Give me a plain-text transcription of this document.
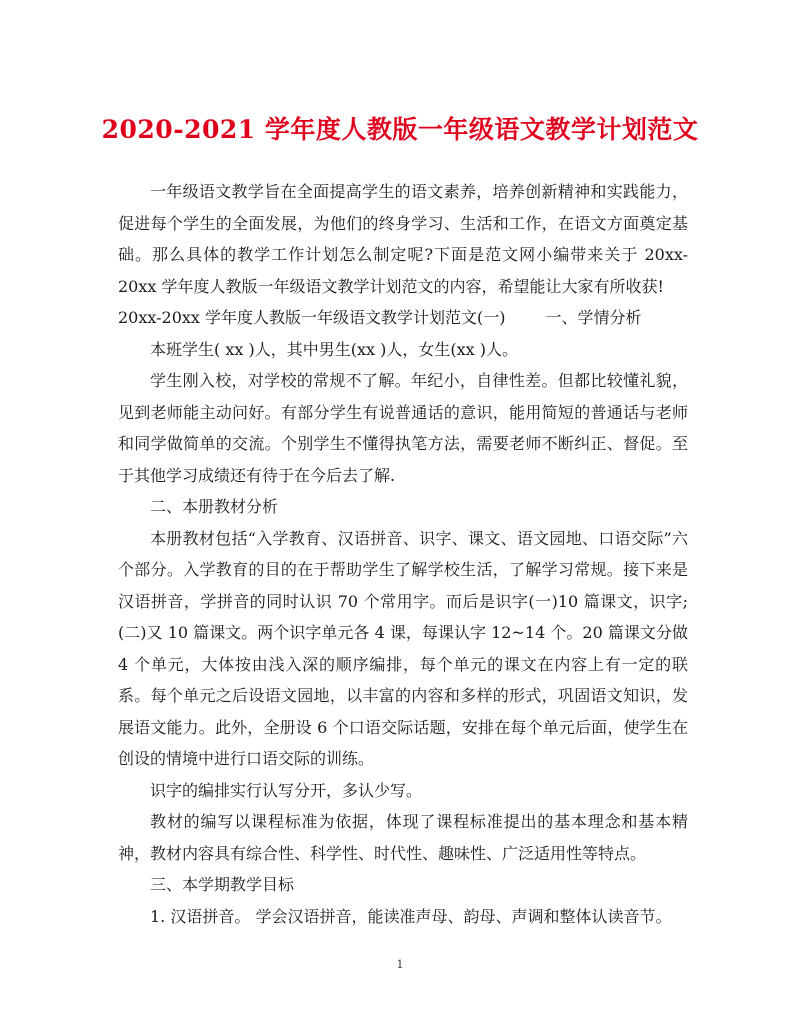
2020-2021 学年度人教版一年级语文教学计划范文

一年级语文教学旨在全面提高学生的语文素养，培养创新精神和实践能力，促进每个学生的全面发展，为他们的终身学习、生活和工作，在语文方面奠定基础。那么具体的教学工作计划怎么制定呢?下面是范文网小编带来关于 20xx-20xx 学年度人教版一年级语文教学计划范文的内容，希望能让大家有所收获!

20xx-20xx 学年度人教版一年级语文教学计划范文(一)	一、学情分析

本班学生( xx )人，其中男生(xx )人，女生(xx )人。

学生刚入校，对学校的常规不了解。年纪小，自律性差。但都比较懂礼貌，见到老师能主动问好。有部分学生有说普通话的意识，能用简短的普通话与老师和同学做简单的交流。个别学生不懂得执笔方法，需要老师不断纠正、督促。至于其他学习成绩还有待于在今后去了解.

二、本册教材分析

本册教材包括“入学教育、汉语拼音、识字、课文、语文园地、口语交际”六个部分。入学教育的目的在于帮助学生了解学校生活，了解学习常规。接下来是汉语拼音，学拼音的同时认识 70 个常用字。而后是识字(一)10 篇课文，识字;(二)又 10 篇课文。两个识字单元各 4 课，每课认字 12~14 个。20 篇课文分做 4 个单元，大体按由浅入深的顺序编排，每个单元的课文在内容上有一定的联系。每个单元之后设语文园地，以丰富的内容和多样的形式，巩固语文知识，发展语文能力。此外，全册设 6 个口语交际话题，安排在每个单元后面，使学生在创设的情境中进行口语交际的训练。

识字的编排实行认写分开，多认少写。

教材的编写以课程标准为依据，体现了课程标准提出的基本理念和基本精神，教材内容具有综合性、科学性、时代性、趣味性、广泛适用性等特点。

三、本学期教学目标

1. 汉语拼音。 学会汉语拼音，能读准声母、韵母、声调和整体认读音节。

1
